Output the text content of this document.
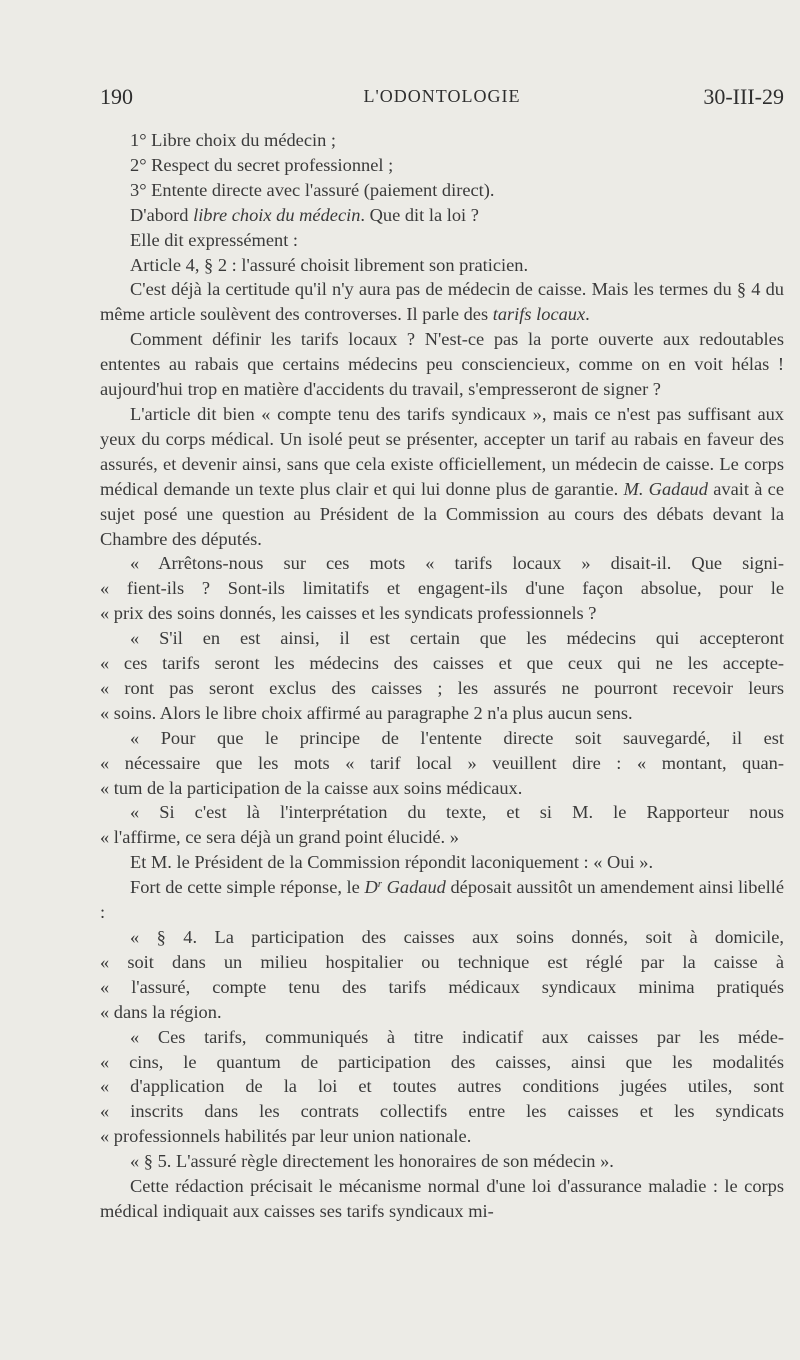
190	L'ODONTOLOGIE	30-III-29

1° Libre choix du médecin ;

2° Respect du secret professionnel ;

3° Entente directe avec l'assuré (paiement direct).

D'abord libre choix du médecin. Que dit la loi ?

Elle dit expressément :

Article 4, § 2 : l'assuré choisit librement son praticien.

C'est déjà la certitude qu'il n'y aura pas de médecin de caisse. Mais les termes du § 4 du même article soulèvent des controverses. Il parle des tarifs locaux.

Comment définir les tarifs locaux ? N'est-ce pas la porte ouverte aux redoutables ententes au rabais que certains médecins peu consciencieux, comme on en voit hélas ! aujourd'hui trop en matière d'accidents du travail, s'empresseront de signer ?

L'article dit bien « compte tenu des tarifs syndicaux », mais ce n'est pas suffisant aux yeux du corps médical. Un isolé peut se présenter, accepter un tarif au rabais en faveur des assurés, et devenir ainsi, sans que cela existe officiellement, un médecin de caisse. Le corps médical demande un texte plus clair et qui lui donne plus de garantie. M. Gadaud avait à ce sujet posé une question au Président de la Commission au cours des débats devant la Chambre des députés.

« Arrêtons-nous sur ces mots « tarifs locaux » disait-il. Que signi-

« fient-ils ? Sont-ils limitatifs et engagent-ils d'une façon absolue, pour le

« prix des soins donnés, les caisses et les syndicats professionnels ?

« S'il en est ainsi, il est certain que les médecins qui accepteront

« ces tarifs seront les médecins des caisses et que ceux qui ne les accepte-

« ront pas seront exclus des caisses ; les assurés ne pourront recevoir leurs

« soins. Alors le libre choix affirmé au paragraphe 2 n'a plus aucun sens.

« Pour que le principe de l'entente directe soit sauvegardé, il est

« nécessaire que les mots « tarif local » veuillent dire : « montant, quan-

« tum de la participation de la caisse aux soins médicaux.

« Si c'est là l'interprétation du texte, et si M. le Rapporteur nous

« l'affirme, ce sera déjà un grand point élucidé. »

Et M. le Président de la Commission répondit laconiquement : « Oui ».

Fort de cette simple réponse, le $D^r$ Gadaud déposait aussitôt un amendement ainsi libellé :

« § 4. La participation des caisses aux soins donnés, soit à domicile,

« soit dans un milieu hospitalier ou technique est réglé par la caisse à

« l'assuré, compte tenu des tarifs médicaux syndicaux minima pratiqués

« dans la région.

« Ces tarifs, communiqués à titre indicatif aux caisses par les méde-

« cins, le quantum de participation des caisses, ainsi que les modalités

« d'application de la loi et toutes autres conditions jugées utiles, sont

« inscrits dans les contrats collectifs entre les caisses et les syndicats

« professionnels habilités par leur union nationale.

« § 5. L'assuré règle directement les honoraires de son médecin ».

Cette rédaction précisait le mécanisme normal d'une loi d'assurance maladie : le corps médical indiquait aux caisses ses tarifs syndicaux mi-
